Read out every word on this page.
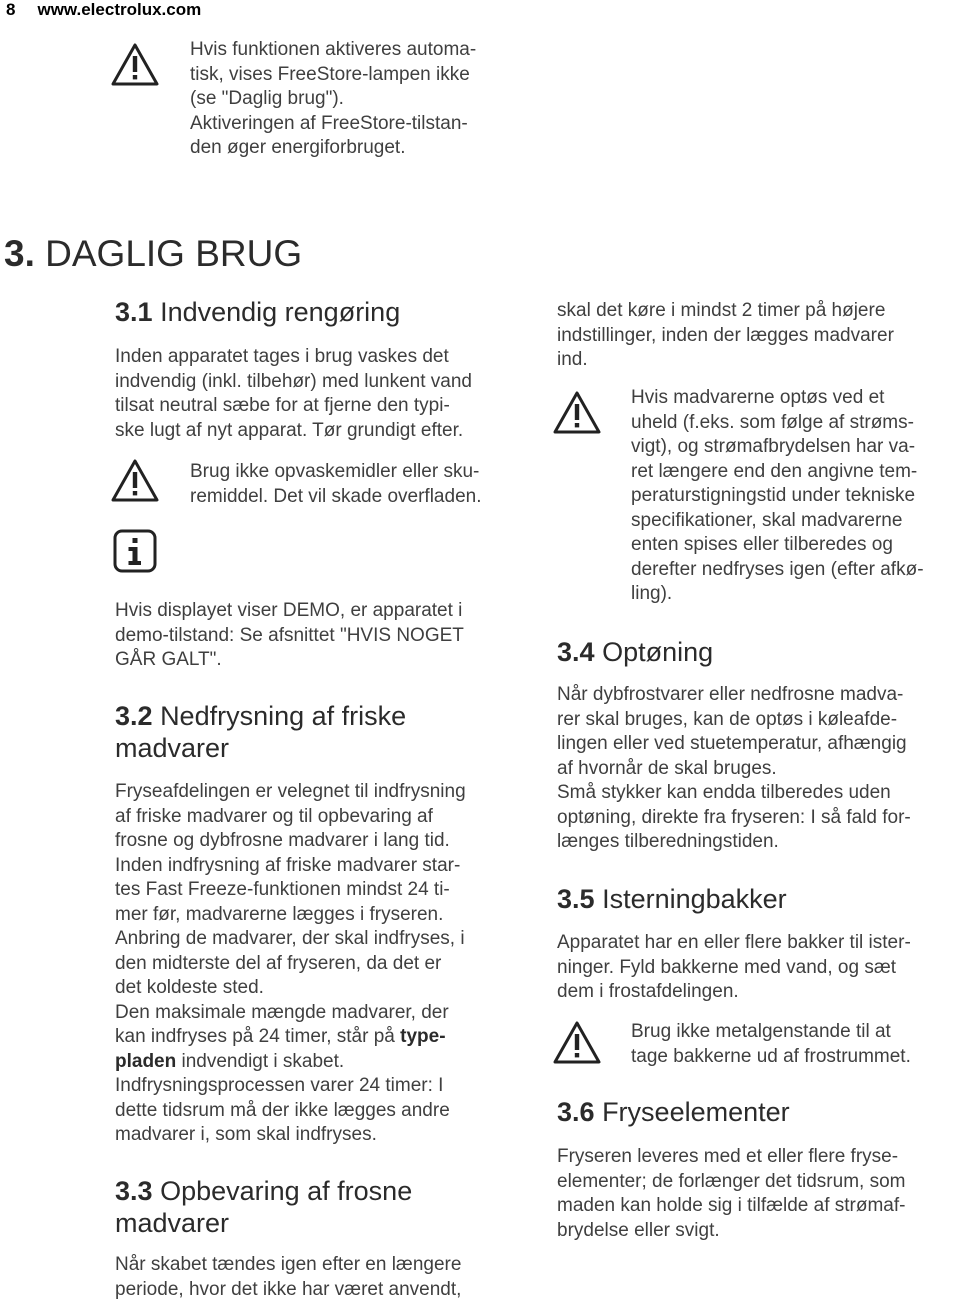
8 www.electrolux.com

Hvis funktionen aktiveres automa-

tisk, vises FreeStore-lampen ikke

(se "Daglig brug").

Aktiveringen af FreeStore-tilstan-

den øger energiforbruget.

3. DAGLIG BRUG

3.1 Indvendig rengøring

Inden apparatet tages i brug vaskes det

indvendig (inkl. tilbehør) med lunkent vand

tilsat neutral sæbe for at fjerne den typi-

ske lugt af nyt apparat. Tør grundigt efter.

Brug ikke opvaskemidler eller sku-

remiddel. Det vil skade overfladen.

Hvis displayet viser DEMO, er apparatet i

demo-tilstand: Se afsnittet "HVIS NOGET

GÅR GALT".

3.2 Nedfrysning af friske

madvarer

Fryseafdelingen er velegnet til indfrysning

af friske madvarer og til opbevaring af

frosne og dybfrosne madvarer i lang tid.

Inden indfrysning af friske madvarer star-

tes Fast Freeze-funktionen mindst 24 ti-

mer før, madvarerne lægges i fryseren.

Anbring de madvarer, der skal indfryses, i

den midterste del af fryseren, da det er

det koldeste sted.

Den maksimale mængde madvarer, der

kan indfryses på 24 timer, står på type-

pladen indvendigt i skabet.

Indfrysningsprocessen varer 24 timer: I

dette tidsrum må der ikke lægges andre

madvarer i, som skal indfryses.

3.3 Opbevaring af frosne

madvarer

Når skabet tændes igen efter en længere

periode, hvor det ikke har været anvendt,

skal det køre i mindst 2 timer på højere

indstillinger, inden der lægges madvarer

ind.

Hvis madvarerne optøs ved et

uheld (f.eks. som følge af strøms-

vigt), og strømafbrydelsen har va-

ret længere end den angivne tem-

peraturstigningstid under tekniske

specifikationer, skal madvarerne

enten spises eller tilberedes og

derefter nedfryses igen (efter afkø-

ling).

3.4 Optøning

Når dybfrostvarer eller nedfrosne madva-

rer skal bruges, kan de optøs i køleafde-

lingen eller ved stuetemperatur, afhængig

af hvornår de skal bruges.

Små stykker kan endda tilberedes uden

optøning, direkte fra fryseren: I så fald for-

længes tilberedningstiden.

3.5 Isterningbakker

Apparatet har en eller flere bakker til ister-

ninger. Fyld bakkerne med vand, og sæt

dem i frostafdelingen.

Brug ikke metalgenstande til at

tage bakkerne ud af frostrummet.

3.6 Fryseelementer

Fryseren leveres med et eller flere fryse-

elementer; de forlænger det tidsrum, som

maden kan holde sig i tilfælde af strømaf-

brydelse eller svigt.
